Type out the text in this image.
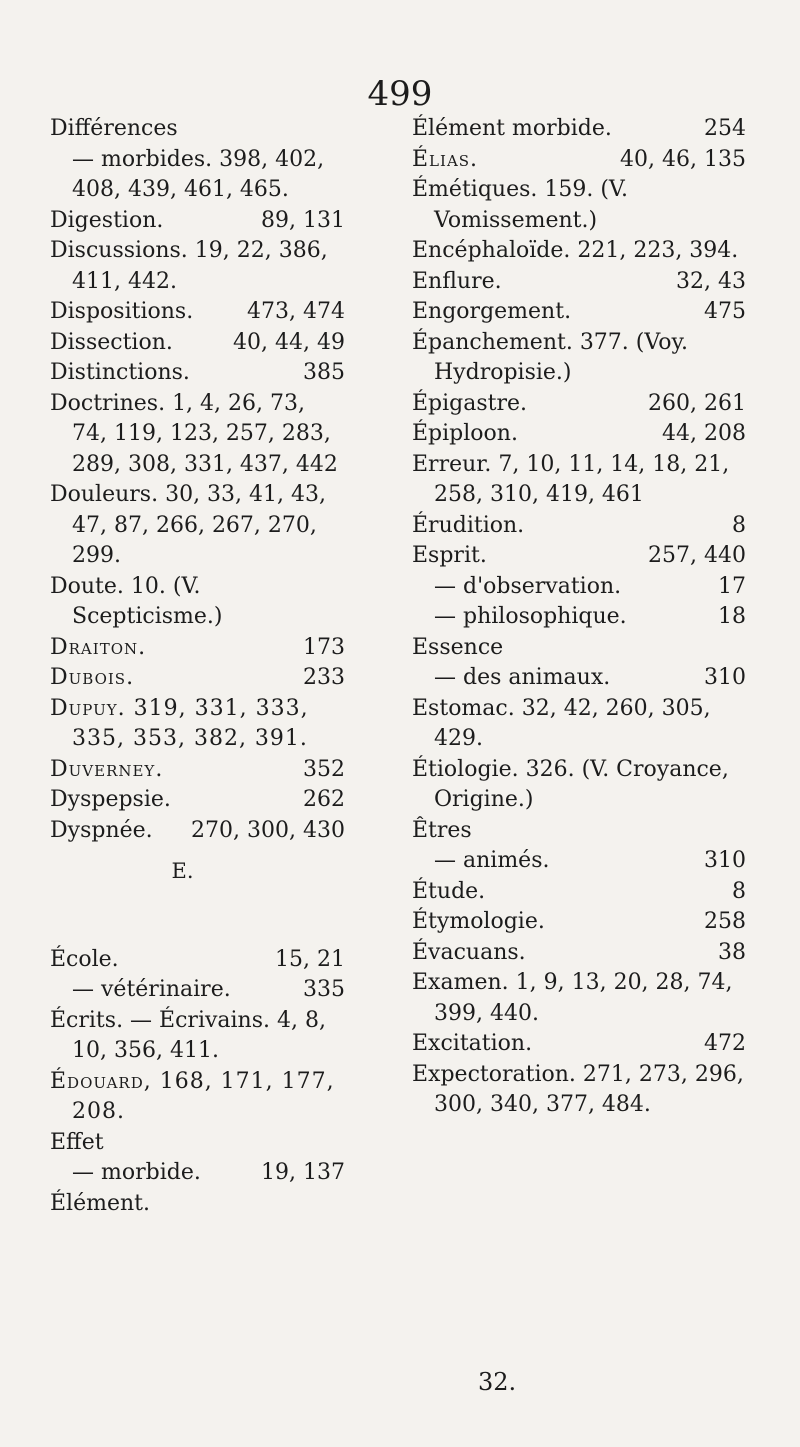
499
Différences
— morbides. 398, 402, 408, 439, 461, 465.
Digestion.	89, 131
Discussions. 19, 22, 386, 411, 442.
Dispositions.	473, 474
Dissection.	40, 44, 49
Distinctions.	385
Doctrines. 1, 4, 26, 73, 74, 119, 123, 257, 283, 289, 308, 331, 437, 442
Douleurs. 30, 33, 41, 43, 47, 87, 266, 267, 270, 299.
Doute. 10. (V. Scepticisme.)
Draiton.	173
Dubois.	233
Dupuy. 319, 331, 333, 335, 353, 382, 391.
Duverney.	352
Dyspepsie.	262
Dyspnée.	270, 300, 430
E.
École.	15, 21
— vétérinaire.	335
Écrits. — Écrivains. 4, 8, 10, 356, 411.
Édouard, 168, 171, 177, 208.
Effet
— morbide.	19, 137
Élément.
Élément morbide.	254
Élias.	40, 46, 135
Émétiques. 159. (V. Vomissement.)
Encéphaloïde. 221, 223, 394.
Enflure.	32, 43
Engorgement.	475
Épanchement. 377. (Voy. Hydropisie.)
Épigastre.	260, 261
Épiploon.	44, 208
Erreur. 7, 10, 11, 14, 18, 21, 258, 310, 419, 461
Érudition.	8
Esprit.	257, 440
— d'observation.	17
— philosophique.	18
Essence
— des animaux.	310
Estomac. 32, 42, 260, 305, 429.
Étiologie. 326. (V. Croyance, Origine.)
Êtres
— animés.	310
Étude.	8
Étymologie.	258
Évacuans.	38
Examen. 1, 9, 13, 20, 28, 74, 399, 440.
Excitation.	472
Expectoration. 271, 273, 296, 300, 340, 377, 484.
32.
